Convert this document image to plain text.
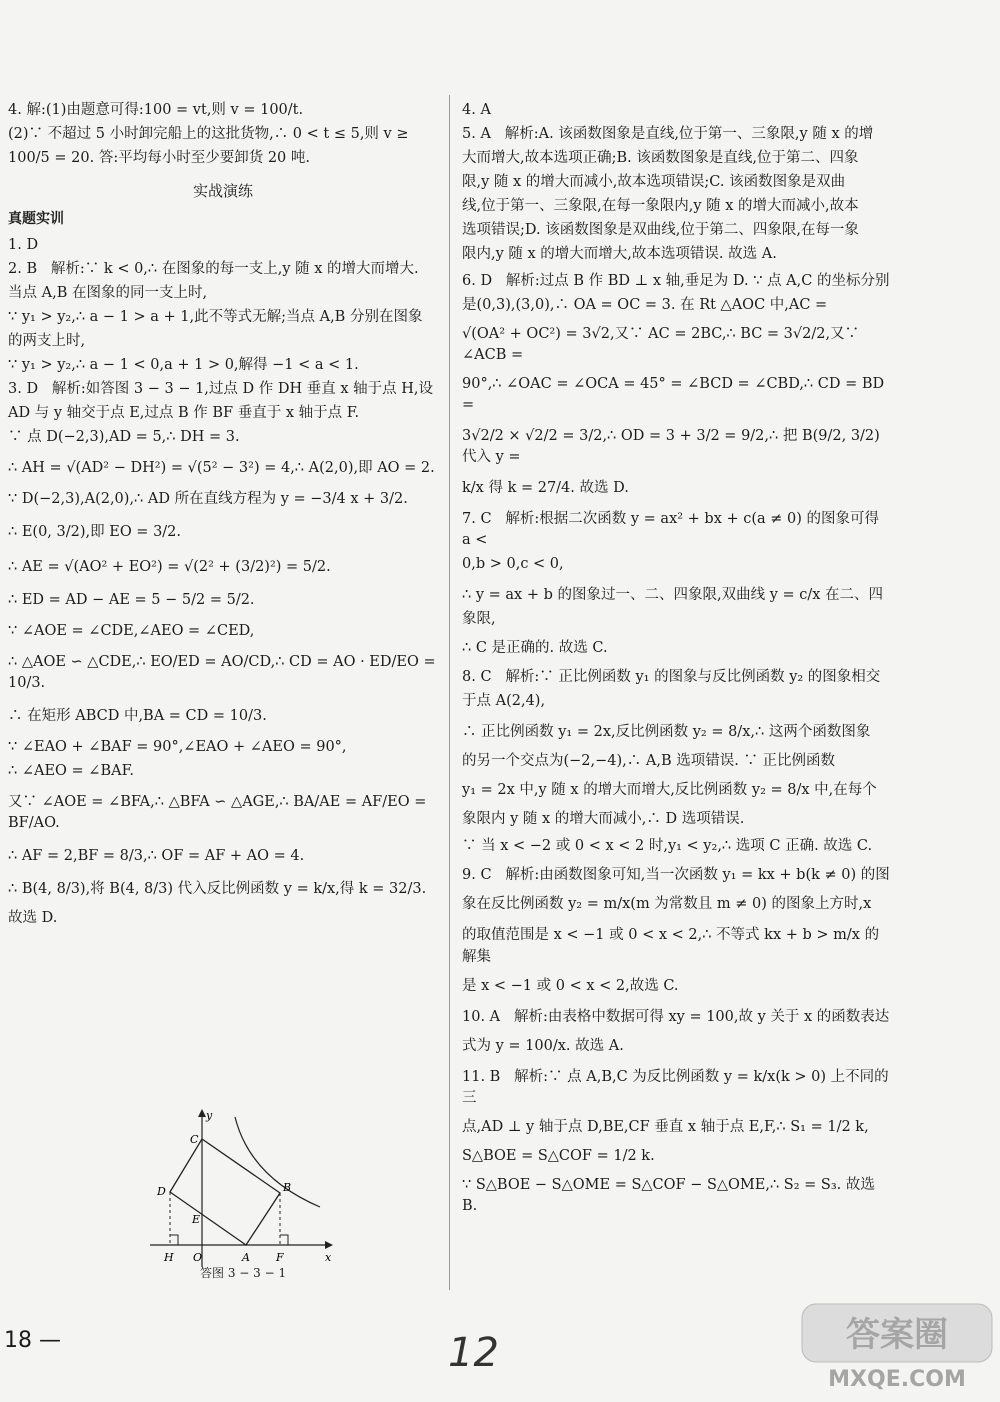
4. 解:(1)由题意可得:100 = vt,则 v = 100/t.
(2)∵ 不超过 5 小时卸完船上的这批货物,∴ 0 < t ≤ 5,则 v ≥
100/5 = 20. 答:平均每小时至少要卸货 20 吨.
实战演练
真题实训
1. D
2. B   解析:∵ k < 0,∴ 在图象的每一支上,y 随 x 的增大而增大.
当点 A,B 在图象的同一支上时,
∵ y₁ > y₂,∴ a − 1 > a + 1,此不等式无解;当点 A,B 分别在图象
的两支上时,
∵ y₁ > y₂,∴ a − 1 < 0,a + 1 > 0,解得 −1 < a < 1.
3. D   解析:如答图 3 − 3 − 1,过点 D 作 DH 垂直 x 轴于点 H,设
AD 与 y 轴交于点 E,过点 B 作 BF 垂直于 x 轴于点 F.
∵ 点 D(−2,3),AD = 5,∴ DH = 3.
∴ AH = √(AD² − DH²) = √(5² − 3²) = 4,∴ A(2,0),即 AO = 2.
∵ D(−2,3),A(2,0),∴ AD 所在直线方程为 y = −3/4 x + 3/2.
∴ E(0, 3/2),即 EO = 3/2.
∴ AE = √(AO² + EO²) = √(2² + (3/2)²) = 5/2.
∴ ED = AD − AE = 5 − 5/2 = 5/2.
∵ ∠AOE = ∠CDE,∠AEO = ∠CED,
∴ △AOE ∽ △CDE,∴ EO/ED = AO/CD,∴ CD = AO · ED/EO = 10/3.
∴ 在矩形 ABCD 中,BA = CD = 10/3.
∵ ∠EAO + ∠BAF = 90°,∠EAO + ∠AEO = 90°,
∴ ∠AEO = ∠BAF.
又∵ ∠AOE = ∠BFA,∴ △BFA ∽ △AGE,∴ BA/AE = AF/EO = BF/AO.
∴ AF = 2,BF = 8/3,∴ OF = AF + AO = 4.
∴ B(4, 8/3),将 B(4, 8/3) 代入反比例函数 y = k/x,得 k = 32/3.
故选 D.
y
C
D	B
E
H O	A F	x
答图 3 − 3 − 1
4. A
5. A   解析:A. 该函数图象是直线,位于第一、三象限,y 随 x 的增
大而增大,故本选项正确;B. 该函数图象是直线,位于第二、四象
限,y 随 x 的增大而减小,故本选项错误;C. 该函数图象是双曲
线,位于第一、三象限,在每一象限内,y 随 x 的增大而减小,故本
选项错误;D. 该函数图象是双曲线,位于第二、四象限,在每一象
限内,y 随 x 的增大而增大,故本选项错误. 故选 A.
6. D   解析:过点 B 作 BD ⊥ x 轴,垂足为 D. ∵ 点 A,C 的坐标分别
是(0,3),(3,0),∴ OA = OC = 3. 在 Rt △AOC 中,AC =
√(OA² + OC²) = 3√2,又∵ AC = 2BC,∴ BC = 3√2/2,又∵ ∠ACB =
90°,∴ ∠OAC = ∠OCA = 45° = ∠BCD = ∠CBD,∴ CD = BD =
3√2/2 × √2/2 = 3/2,∴ OD = 3 + 3/2 = 9/2,∴ 把 B(9/2, 3/2) 代入 y =
k/x 得 k = 27/4. 故选 D.
7. C   解析:根据二次函数 y = ax² + bx + c(a ≠ 0) 的图象可得 a <
0,b > 0,c < 0,
∴ y = ax + b 的图象过一、二、四象限,双曲线 y = c/x 在二、四
象限,
∴ C 是正确的. 故选 C.
8. C   解析:∵ 正比例函数 y₁ 的图象与反比例函数 y₂ 的图象相交
于点 A(2,4),
∴ 正比例函数 y₁ = 2x,反比例函数 y₂ = 8/x,∴ 这两个函数图象
的另一个交点为(−2,−4),∴ A,B 选项错误. ∵ 正比例函数
y₁ = 2x 中,y 随 x 的增大而增大,反比例函数 y₂ = 8/x 中,在每个
象限内 y 随 x 的增大而减小,∴ D 选项错误.
∵ 当 x < −2 或 0 < x < 2 时,y₁ < y₂,∴ 选项 C 正确. 故选 C.
9. C   解析:由函数图象可知,当一次函数 y₁ = kx + b(k ≠ 0) 的图
象在反比例函数 y₂ = m/x(m 为常数且 m ≠ 0) 的图象上方时,x
的取值范围是 x < −1 或 0 < x < 2,∴ 不等式 kx + b > m/x 的解集
是 x < −1 或 0 < x < 2,故选 C.
10. A   解析:由表格中数据可得 xy = 100,故 y 关于 x 的函数表达
式为 y = 100/x. 故选 A.
11. B   解析:∵ 点 A,B,C 为反比例函数 y = k/x(k > 0) 上不同的三
点,AD ⊥ y 轴于点 D,BE,CF 垂直 x 轴于点 E,F,∴ S₁ = 1/2 k,
S△BOE = S△COF = 1/2 k.
∵ S△BOE − S△OME = S△COF − S△OME,∴ S₂ = S₃. 故选 B.
18 —	12	答案圈
MXQE.COM
